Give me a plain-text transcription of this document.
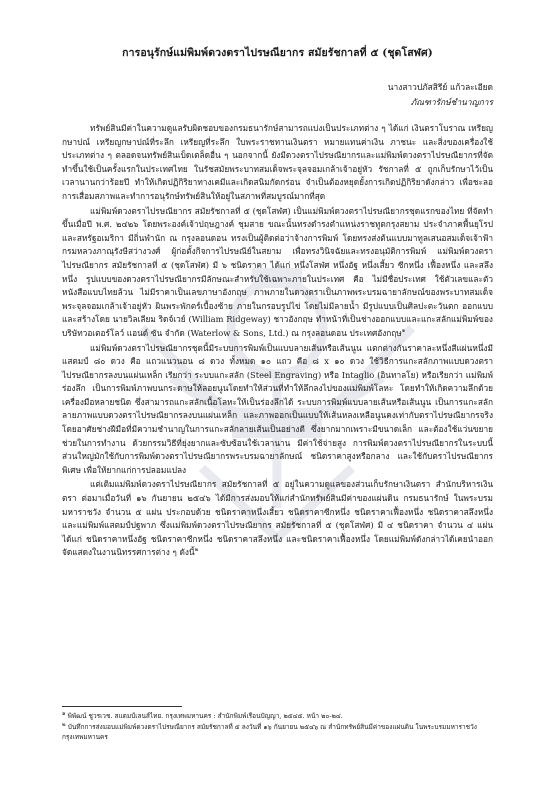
การอนุรักษ์แม่พิมพ์ดวงตราไปรษณียากร สมัยรัชกาลที่ ๕ (ชุดโสฬศ)
นางสาวปภัสสิรีย์ แก้วละเอียด
ภัณฑารักษ์ชำนาญการ

ทรัพย์สินมีค่าในความดูแลรับผิดชอบของกรมธนารักษ์สามารถแบ่งเป็นประเภทต่าง ๆ ได้แก่ เงินตราโบราณ เหรียญกษาปณ์ เหรียญกษาปณ์ที่ระลึก เหรียญที่ระลึก ใบพระราชทานเงินตรา หมายแทนค่าเงิน ภาชนะ และสิ่งของเครื่องใช้ประเภทต่าง ๆ ตลอดจนทรัพย์สินเบ็ดเตล็ดอื่น ๆ นอกจากนี้ ยังมีดวงตราไปรษณียากรและแม่พิมพ์ดวงตราไปรษณียากรที่จัดทำขึ้นใช้เป็นครั้งแรกในประเทศไทย ในรัชสมัยพระบาทสมเด็จพระจุลจอมเกล้าเจ้าอยู่หัว รัชกาลที่ ๕ ถูกเก็บรักษาไว้เป็นเวลานานกว่าร้อยปี ทำให้เกิดปฏิกิริยาทางเคมีและเกิดสนิมกัดกร่อน จำเป็นต้องหยุดยั้งการเกิดปฏิกิริยาดังกล่าว เพื่อชะลอการเสื่อมสภาพและทำการอนุรักษ์ทรัพย์สินให้อยู่ในสภาพที่สมบูรณ์มากที่สุด

แม่พิมพ์ดวงตราไปรษณียากร สมัยรัชกาลที่ ๕ (ชุดโสฬศ) เป็นแม่พิมพ์ดวงตราไปรษณียากรชุดแรกของไทย ที่จัดทำขึ้นเมื่อปี พ.ศ. ๒๔๒๖ โดยพระองค์เจ้าปฤษฎางค์ ชุมสาย ขณะนั้นทรงดำรงตำแหน่งราชทูตกรุงสยาม ประจำภาคพื้นยุโรปและสหรัฐอเมริกา มีถิ่นพำนัก ณ กรุงลอนดอน ทรงเป็นผู้ติดต่อว่าจ้างการพิมพ์ โดยทรงส่งต้นแบบมาทูลเสนอสมเด็จเจ้าฟ้ากรมหลวงภาณุรังษีสว่างวงศ์ ผู้ก่อตั้งกิจการไปรษณีย์ในสยาม เพื่อทรงวินิจฉัยและทรงอนุมัติการพิมพ์ แม่พิมพ์ดวงตราไปรษณียากร สมัยรัชกาลที่ ๕ (ชุดโสฬศ) มี ๖ ชนิดราคา ได้แก่ หนึ่งโสฬศ หนึ่งอัฐ หนึ่งเสี้ยว ซีกหนึ่ง เฟื้องหนึ่ง และสลึงหนึ่ง รูปแบบของดวงตราไปรษณียากรมีลักษณะสำหรับใช้เฉพาะภายในประเทศ คือ ไม่มีชื่อประเทศ ใช้ตัวเลขและตัวหนังสือแบบไทยล้วน ไม่มีราคาเป็นเลขภาษาอังกฤษ ภาพภายในดวงตราเป็นภาพพระบรมฉายาลักษณ์ของพระบาทสมเด็จพระจุลจอมเกล้าเจ้าอยู่หัว ผินพระพักตร์เบื้องซ้าย ภายในกรอบรูปไข่ โดยไม่มีลายน้ำ มีรูปแบบเป็นศิลปะตะวันตก ออกแบบและสร้างโดย นายวิลเลียม ริดจ์เวย์ (William Ridgeway) ชาวอังกฤษ ทำหน้าที่เป็นช่างออกแบบและแกะสลักแม่พิมพ์ของบริษัทวอเตอร์โลว์ แอนด์ ซัน จำกัด (Waterlow & Sons, Ltd.) ณ กรุงลอนดอน ประเทศอังกฤษ$^๑$

แม่พิมพ์ดวงตราไปรษณียากรชุดนี้มีระบบการพิมพ์เป็นแบบลายเส้นหรือเส้นนูน แตกต่างกันราคาละหนึ่งสีแผ่นหนึ่งมีแสตมป์ ๘๐ ดวง คือ แถวแนวนอน ๘ ดวง ทั้งหมด ๑๐ แถว คือ ๘ x ๑๐ ดวง ใช้วิธีการแกะสลักภาพแบบดวงตราไปรษณียากรลงบนแผ่นเหล็ก เรียกว่า ระบบแกะสลัก (Steel Engraving) หรือ Intaglio (อินทาลโย) หรือเรียกว่า แม่พิมพ์ร่องลึก เป็นการพิมพ์ภาพบนกระดาษให้ลอยนูนโดยทำให้ส่วนที่ทำให้ลึกลงไปของแม่พิมพ์โลหะ โดยทำให้เกิดความลึกด้วยเครื่องมือหลายชนิด ซึ่งสามารถแกะสลักเนื้อโลหะให้เป็นร่องลึกได้ ระบบการพิมพ์แบบลายเส้นหรือเส้นนูน เป็นการแกะสลักลายภาพแบบดวงตราไปรษณียากรลงบนแผ่นเหล็ก และภาพออกเป็นแบบให้เส้นหลงเหลือนูนคงเท่ากับตราไปรษณียากรจริง โดยอาศัยช่างฝีมือที่มีความชำนาญในการแกะสลักลายเส้นเป็นอย่างดี ซึ่งยากมากเพราะมีขนาดเล็ก และต้องใช้แว่นขยายช่วยในการทำงาน ด้วยกรรมวิธีที่ยุ่งยากและซับซ้อนใช้เวลานาน มีค่าใช้จ่ายสูง การพิมพ์ดวงตราไปรษณียากรในระบบนี้ส่วนใหญ่มักใช้กับการพิมพ์ดวงตราไปรษณียากรพระบรมฉายาลักษณ์ ชนิดราคาสูงหรือกลาง และใช้กับตราไปรษณียากรพิเศษ เพื่อให้ยากแก่การปลอมแปลง

แต่เดิมแม่พิมพ์ดวงตราไปรษณียากร สมัยรัชกาลที่ ๕ อยู่ในความดูแลของส่วนเก็บรักษาเงินตรา สำนักบริหารเงินตรา ต่อมาเมื่อวันที่ ๑๖ กันยายน ๒๕๔๖ ได้มีการส่งมอบให้แก่สำนักทรัพย์สินมีค่าของแผ่นดิน กรมธนารักษ์ ในพระบรมมหาราชวัง จำนวน ๕ แผ่น ประกอบด้วย ชนิดราคาหนึ่งเสี้ยว ชนิดราคาซีกหนึ่ง ชนิดราคาเฟื้องหนึ่ง ชนิดราคาสลึงหนึ่ง และแม่พิมพ์แสตมป์ปฐพาภ ซึ่งแม่พิมพ์ดวงตราไปรษณียากร สมัยรัชกาลที่ ๕ (ชุดโสฬศ) มี ๔ ชนิดราคา จำนวน ๔ แผ่น ได้แก่ ชนิดราคาหนึ่งอัฐ ชนิดราคาซีกหนึ่ง ชนิดราคาสลึงหนึ่ง และชนิดราคาเฟื้องหนึ่ง โดยแม่พิมพ์ดังกล่าวได้เคยนำออกจัดแสดงในงานนิทรรศการต่าง ๆ ดังนี้$^๒$

$^๑$ พิพัฒน์ ชูวรเวช. สแตมป์เลนส์ไทย. กรุงเทพมหานคร : สำนักพิมพ์เรือนปัญญา, ๒๕๔๕. หน้า ๒๐-๒๔.
$^๒$ บันทึกการส่งมอบแม่พิมพ์ดวงตราไปรษณียากร สมัยรัชกาลที่ ๕ ลงวันที่ ๑๖ กันยายน ๒๕๔๖ ณ สำนักทรัพย์สินมีค่าของแผ่นดิน ในพระบรมมหาราชวัง กรุงเทพมหานคร
